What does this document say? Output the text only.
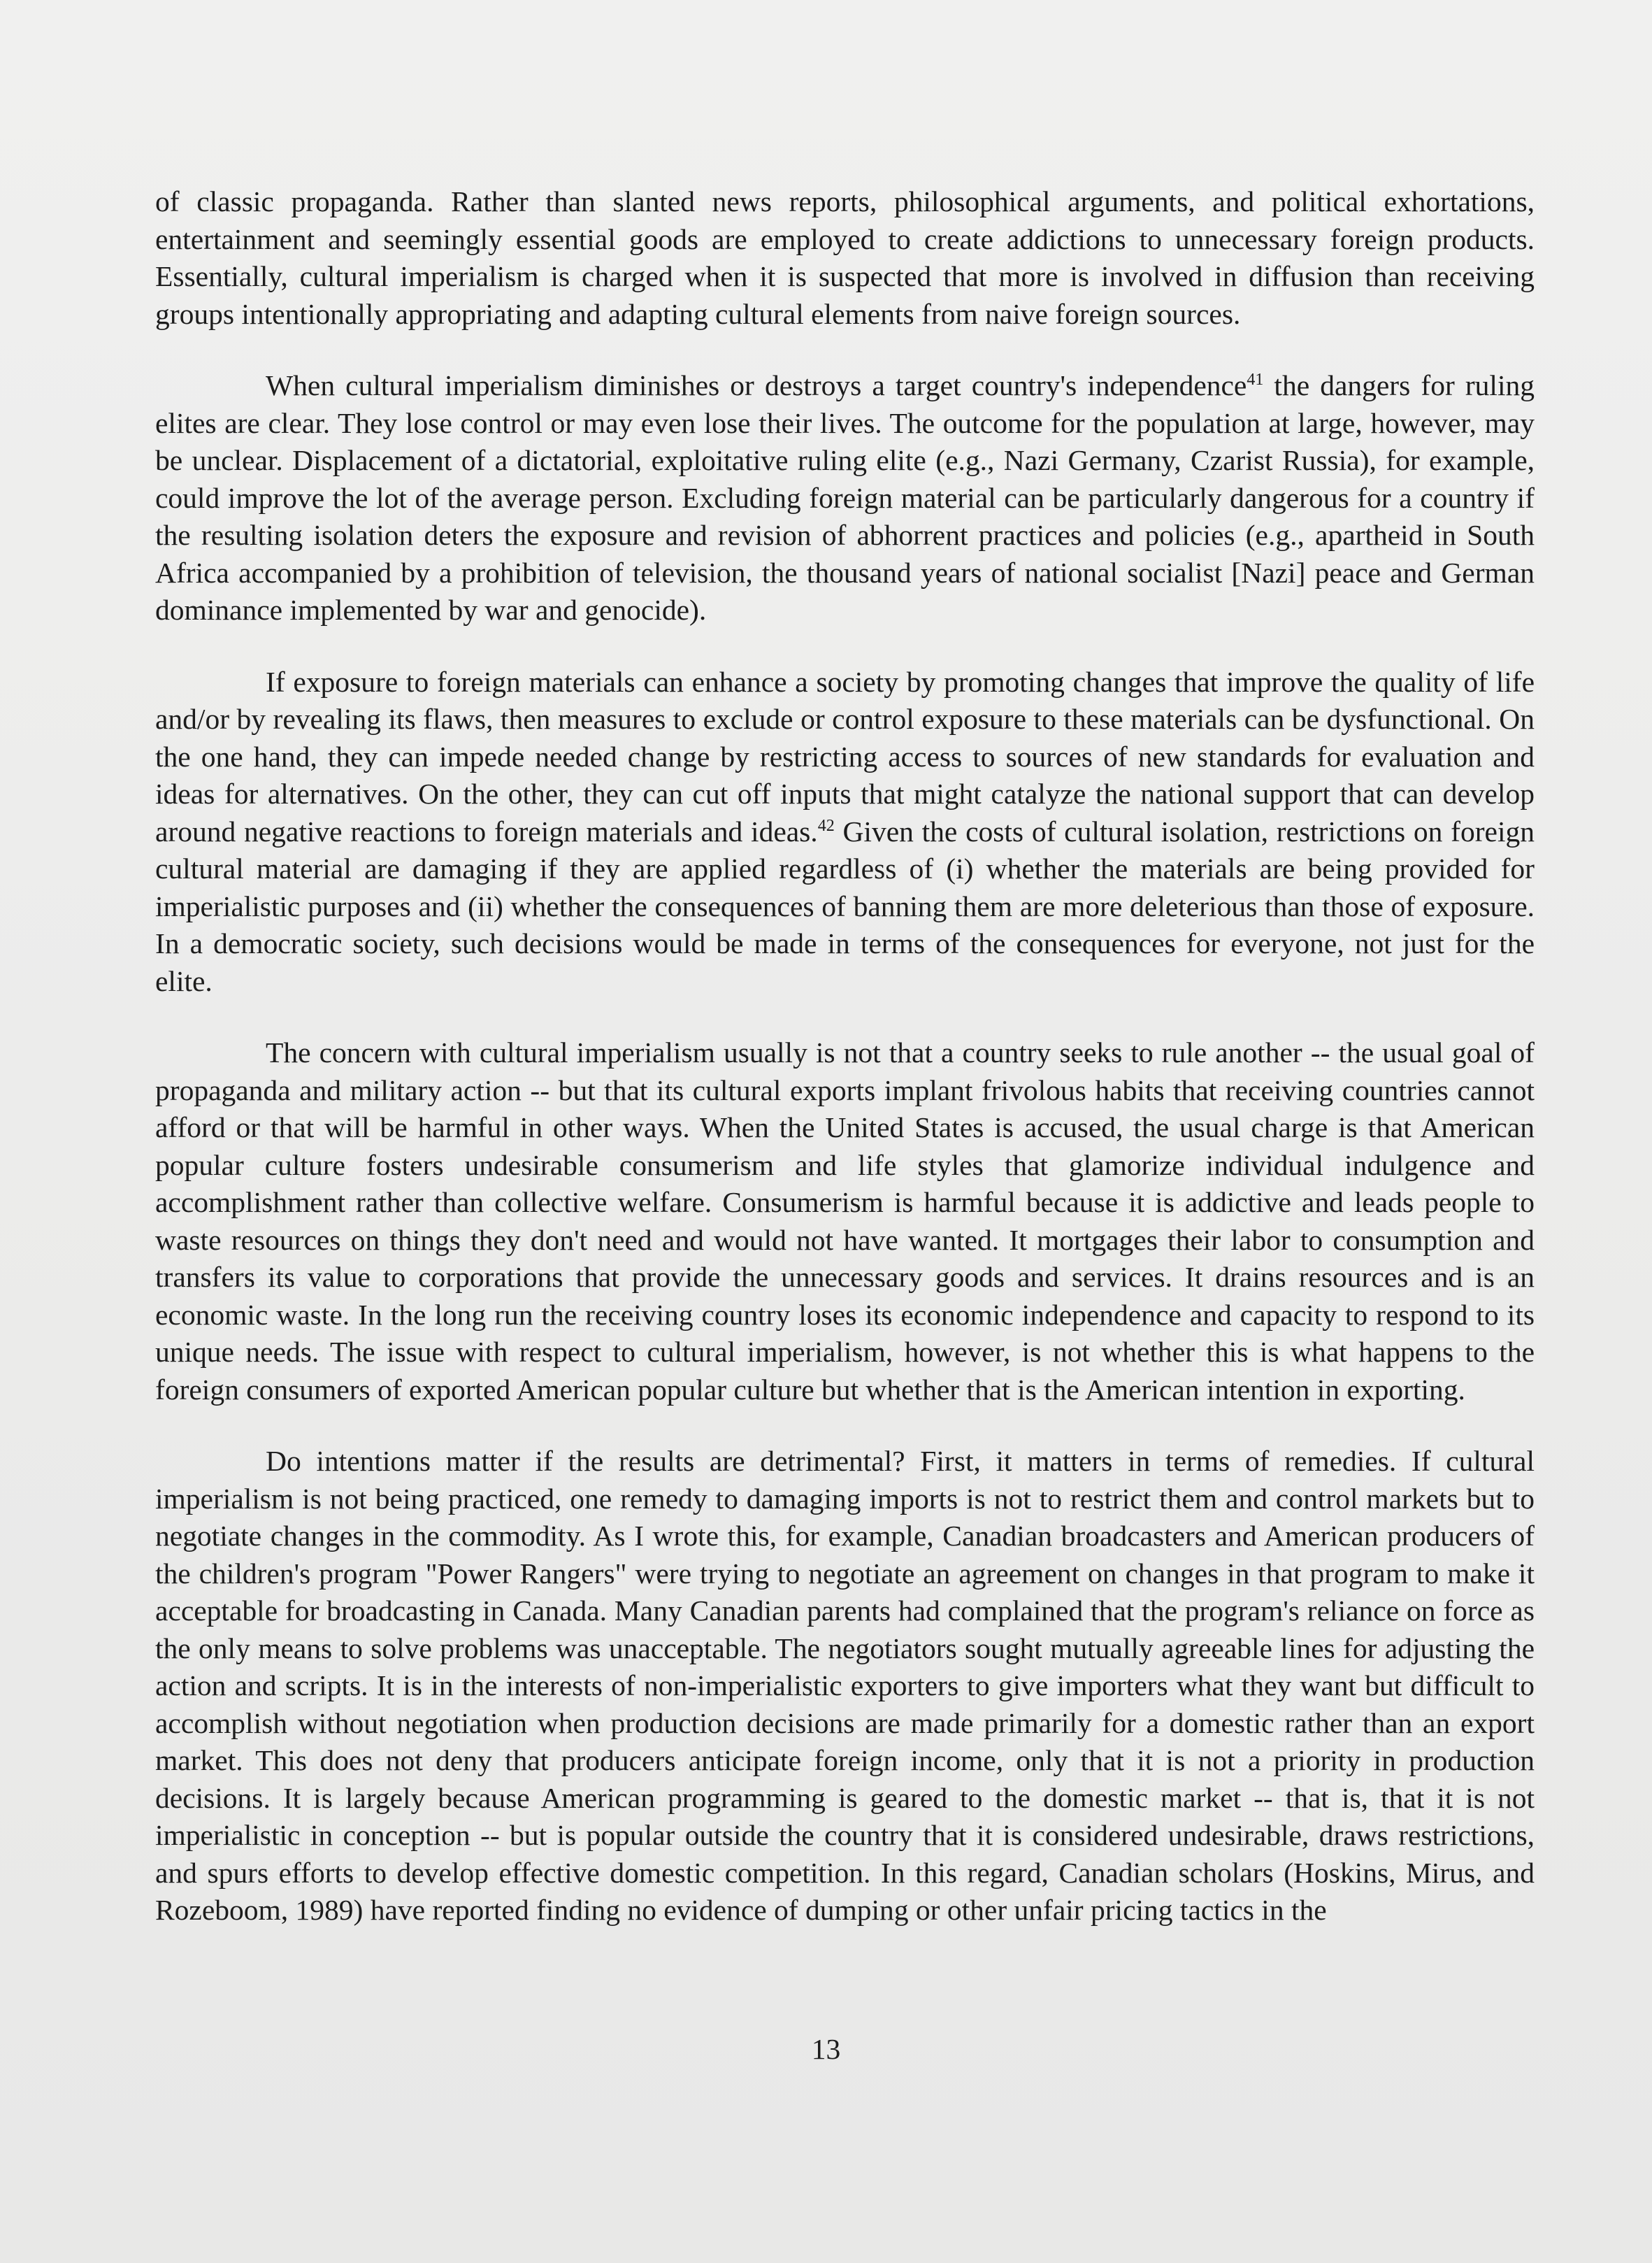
of classic propaganda. Rather than slanted news reports, philosophical arguments, and political exhortations, entertainment and seemingly essential goods are employed to create addictions to unnecessary foreign products. Essentially, cultural imperialism is charged when it is suspected that more is involved in diffusion than receiving groups intentionally appropriating and adapting cultural elements from naive foreign sources.

When cultural imperialism diminishes or destroys a target country's independence$^{41}$ the dangers for ruling elites are clear. They lose control or may even lose their lives. The outcome for the population at large, however, may be unclear. Displacement of a dictatorial, exploitative ruling elite (e.g., Nazi Germany, Czarist Russia), for example, could improve the lot of the average person. Excluding foreign material can be particularly dangerous for a country if the resulting isolation deters the exposure and revision of abhorrent practices and policies (e.g., apartheid in South Africa accompanied by a prohibition of television, the thousand years of national socialist [Nazi] peace and German dominance implemented by war and genocide).

If exposure to foreign materials can enhance a society by promoting changes that improve the quality of life and/or by revealing its flaws, then measures to exclude or control exposure to these materials can be dysfunctional. On the one hand, they can impede needed change by restricting access to sources of new standards for evaluation and ideas for alternatives. On the other, they can cut off inputs that might catalyze the national support that can develop around negative reactions to foreign materials and ideas.$^{42}$ Given the costs of cultural isolation, restrictions on foreign cultural material are damaging if they are applied regardless of (i) whether the materials are being provided for imperialistic purposes and (ii) whether the consequences of banning them are more deleterious than those of exposure. In a democratic society, such decisions would be made in terms of the consequences for everyone, not just for the elite.

The concern with cultural imperialism usually is not that a country seeks to rule another -- the usual goal of propaganda and military action -- but that its cultural exports implant frivolous habits that receiving countries cannot afford or that will be harmful in other ways. When the United States is accused, the usual charge is that American popular culture fosters undesirable consumerism and life styles that glamorize individual indulgence and accomplishment rather than collective welfare. Consumerism is harmful because it is addictive and leads people to waste resources on things they don't need and would not have wanted. It mortgages their labor to consumption and transfers its value to corporations that provide the unnecessary goods and services. It drains resources and is an economic waste. In the long run the receiving country loses its economic independence and capacity to respond to its unique needs. The issue with respect to cultural imperialism, however, is not whether this is what happens to the foreign consumers of exported American popular culture but whether that is the American intention in exporting.

Do intentions matter if the results are detrimental? First, it matters in terms of remedies. If cultural imperialism is not being practiced, one remedy to damaging imports is not to restrict them and control markets but to negotiate changes in the commodity. As I wrote this, for example, Canadian broadcasters and American producers of the children's program "Power Rangers" were trying to negotiate an agreement on changes in that program to make it acceptable for broadcasting in Canada. Many Canadian parents had complained that the program's reliance on force as the only means to solve problems was unacceptable. The negotiators sought mutually agreeable lines for adjusting the action and scripts. It is in the interests of non-imperialistic exporters to give importers what they want but difficult to accomplish without negotiation when production decisions are made primarily for a domestic rather than an export market. This does not deny that producers anticipate foreign income, only that it is not a priority in production decisions. It is largely because American programming is geared to the domestic market -- that is, that it is not imperialistic in conception -- but is popular outside the country that it is considered undesirable, draws restrictions, and spurs efforts to develop effective domestic competition. In this regard, Canadian scholars (Hoskins, Mirus, and Rozeboom, 1989) have reported finding no evidence of dumping or other unfair pricing tactics in the

13
